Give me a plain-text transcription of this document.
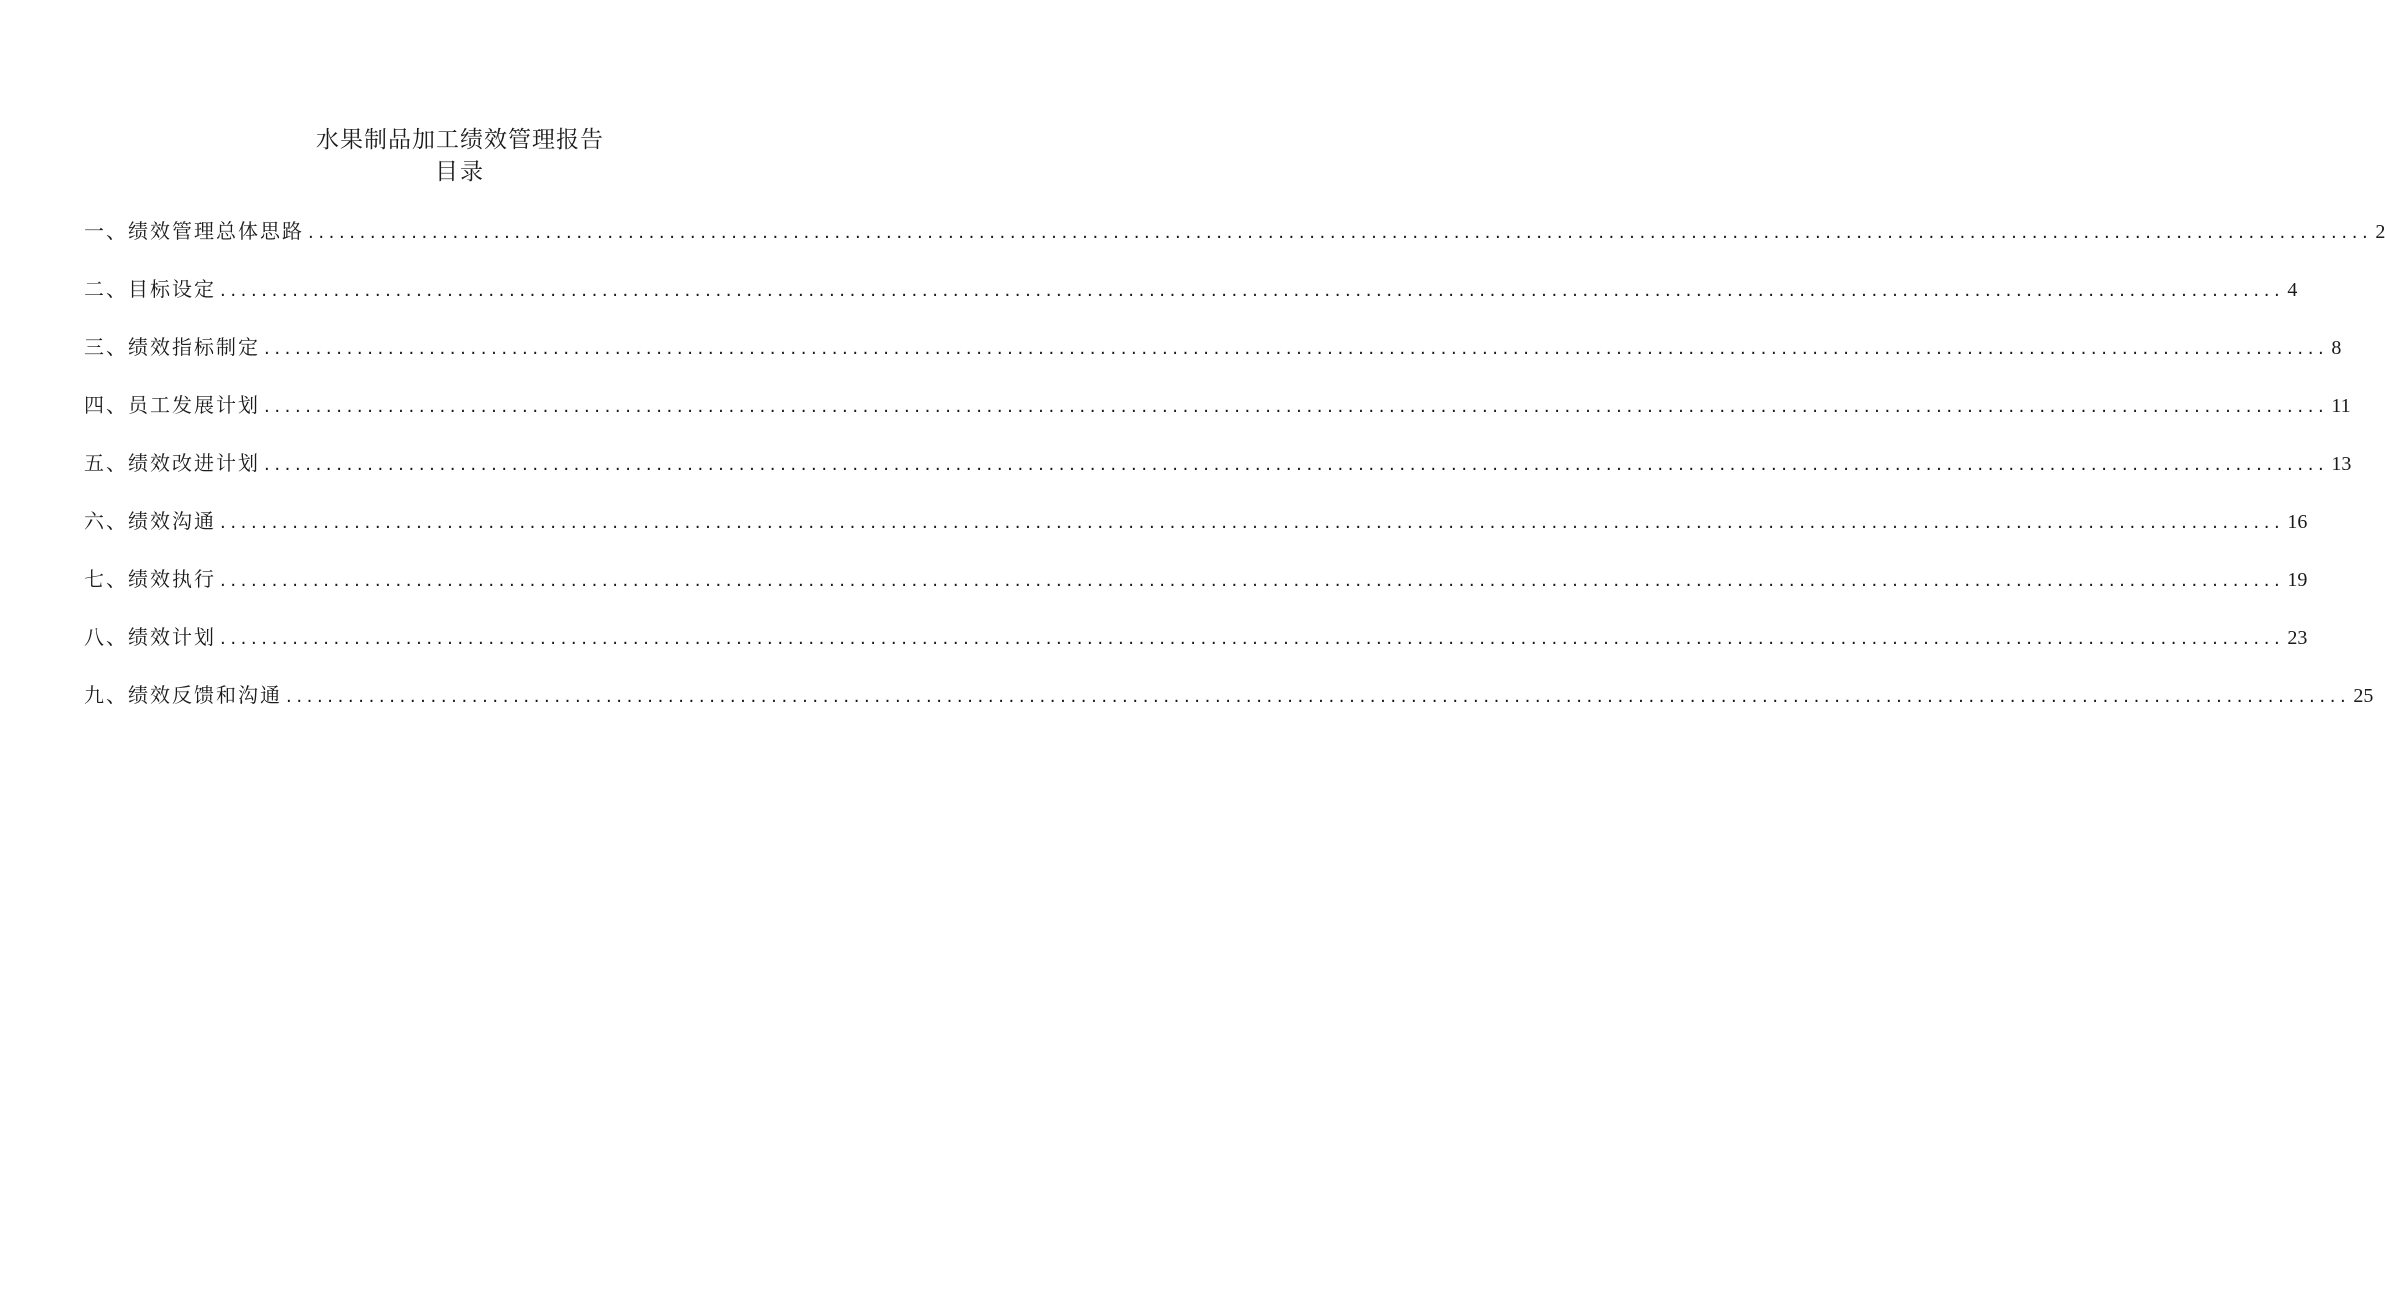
水果制品加工绩效管理报告
目录
一、绩效管理总体思路 ........................................................................................................................................................................................................ 2
二、目标设定 ........................................................................................................................................................................................................ 4
三、绩效指标制定 ........................................................................................................................................................................................................ 8
四、员工发展计划 ........................................................................................................................................................................................................ 11
五、绩效改进计划 ........................................................................................................................................................................................................ 13
六、绩效沟通 ........................................................................................................................................................................................................ 16
七、绩效执行 ........................................................................................................................................................................................................ 19
八、绩效计划 ........................................................................................................................................................................................................ 23
九、绩效反馈和沟通 ........................................................................................................................................................................................................ 25
